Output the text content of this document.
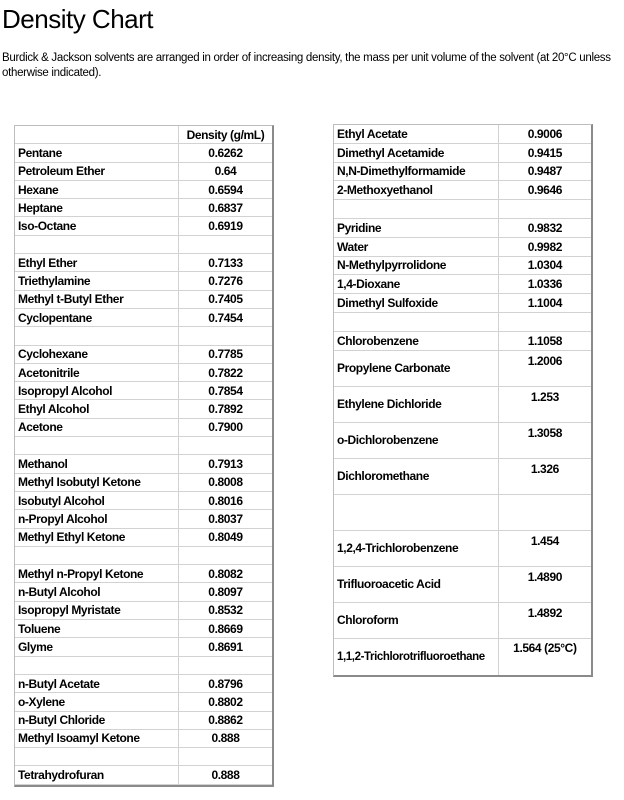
Density Chart

Burdick & Jackson solvents are arranged in order of increasing density, the mass per unit volume of the solvent (at 20°C unless otherwise indicated).

	Density (g/mL)
Pentane	0.6262
Petroleum Ether	0.64
Hexane	0.6594
Heptane	0.6837
Iso-Octane	0.6919

Ethyl Ether	0.7133
Triethylamine	0.7276
Methyl t-Butyl Ether	0.7405
Cyclopentane	0.7454

Cyclohexane	0.7785
Acetonitrile	0.7822
Isopropyl Alcohol	0.7854
Ethyl Alcohol	0.7892
Acetone	0.7900

Methanol	0.7913
Methyl Isobutyl Ketone	0.8008
Isobutyl Alcohol	0.8016
n-Propyl Alcohol	0.8037
Methyl Ethyl Ketone	0.8049

Methyl n-Propyl Ketone	0.8082
n-Butyl Alcohol	0.8097
Isopropyl Myristate	0.8532
Toluene	0.8669
Glyme	0.8691

n-Butyl Acetate	0.8796
o-Xylene	0.8802
n-Butyl Chloride	0.8862
Methyl Isoamyl Ketone	0.888

Tetrahydrofuran	0.888
Ethyl Acetate	0.9006
Dimethyl Acetamide	0.9415
N,N-Dimethylformamide	0.9487
2-Methoxyethanol	0.9646

Pyridine	0.9832
Water	0.9982
N-Methylpyrrolidone	1.0304
1,4-Dioxane	1.0336
Dimethyl Sulfoxide	1.1004

Chlorobenzene	1.1058
Propylene Carbonate	1.2006
Ethylene Dichloride	1.253
o-Dichlorobenzene	1.3058
Dichloromethane	1.326

1,2,4-Trichlorobenzene	1.454
Trifluoroacetic Acid	1.4890
Chloroform	1.4892
1,1,2-Trichlorotrifluoroethane	1.564 (25°C)
